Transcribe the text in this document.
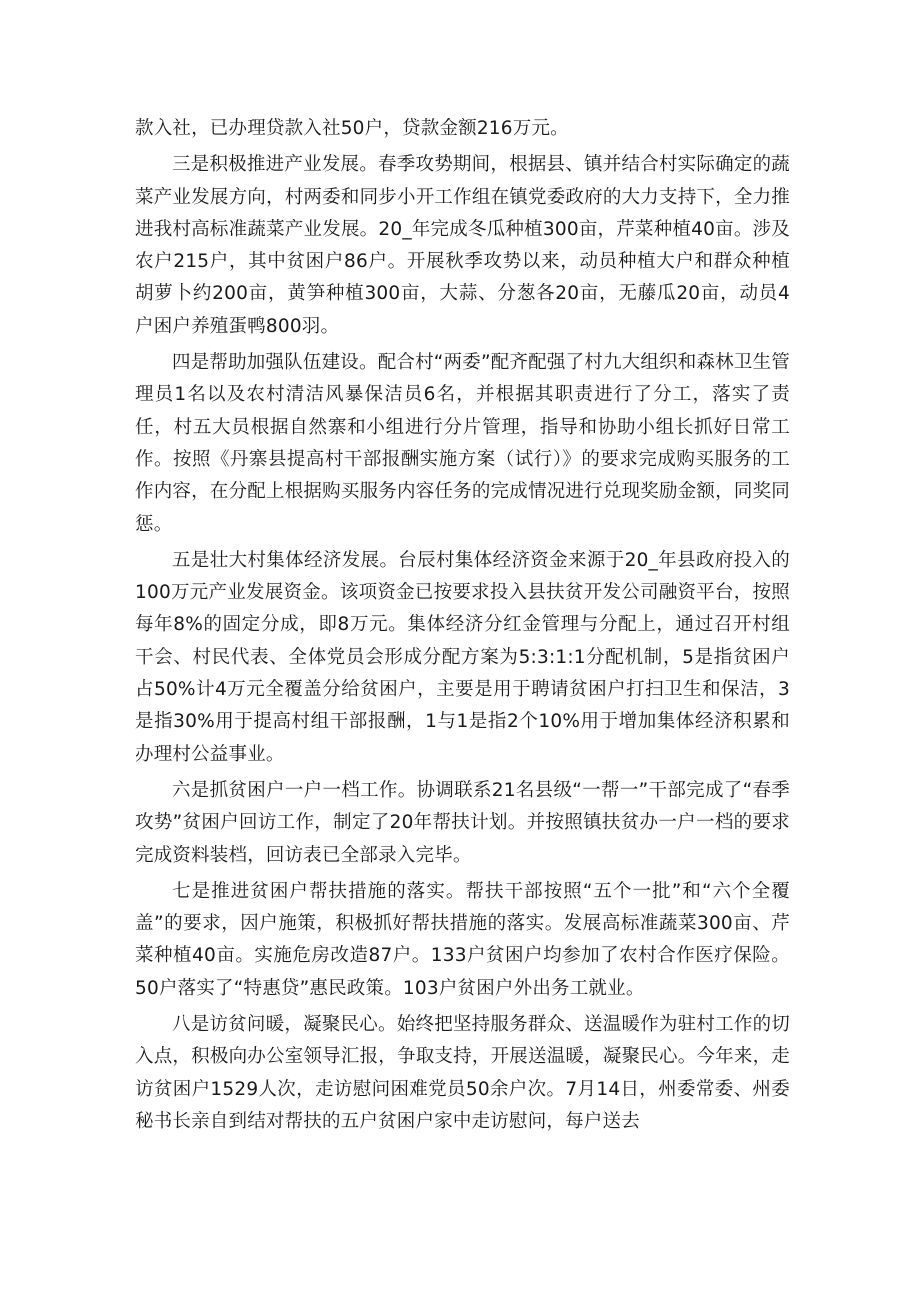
款入社，已办理贷款入社50户，贷款金额216万元。

三是积极推进产业发展。春季攻势期间，根据县、镇并结合村实际确定的蔬菜产业发展方向，村两委和同步小开工作组在镇党委政府的大力支持下，全力推进我村高标准蔬菜产业发展。20_年完成冬瓜种植300亩，芹菜种植40亩。涉及农户215户，其中贫困户86户。开展秋季攻势以来，动员种植大户和群众种植胡萝卜约200亩，黄笋种植300亩，大蒜、分葱各20亩，无藤瓜20亩，动员4户困户养殖蛋鸭800羽。

四是帮助加强队伍建设。配合村“两委”配齐配强了村九大组织和森林卫生管理员1名以及农村清洁风暴保洁员6名，并根据其职责进行了分工，落实了责任，村五大员根据自然寨和小组进行分片管理，指导和协助小组长抓好日常工作。按照《丹寨县提高村干部报酬实施方案（试行）》的要求完成购买服务的工作内容，在分配上根据购买服务内容任务的完成情况进行兑现奖励金额，同奖同惩。

五是壮大村集体经济发展。台辰村集体经济资金来源于20_年县政府投入的100万元产业发展资金。该项资金已按要求投入县扶贫开发公司融资平台，按照每年8%的固定分成，即8万元。集体经济分红金管理与分配上，通过召开村组干会、村民代表、全体党员会形成分配方案为5:3:1:1分配机制，5是指贫困户占50%计4万元全覆盖分给贫困户，主要是用于聘请贫困户打扫卫生和保洁，3是指30%用于提高村组干部报酬，1与1是指2个10%用于增加集体经济积累和办理村公益事业。

六是抓贫困户一户一档工作。协调联系21名县级“一帮一”干部完成了“春季攻势”贫困户回访工作，制定了20年帮扶计划。并按照镇扶贫办一户一档的要求完成资料装档，回访表已全部录入完毕。

七是推进贫困户帮扶措施的落实。帮扶干部按照“五个一批”和“六个全覆盖”的要求，因户施策，积极抓好帮扶措施的落实。发展高标准蔬菜300亩、芹菜种植40亩。实施危房改造87户。133户贫困户均参加了农村合作医疗保险。50户落实了“特惠贷”惠民政策。103户贫困户外出务工就业。

八是访贫问暖，凝聚民心。始终把坚持服务群众、送温暖作为驻村工作的切入点，积极向办公室领导汇报，争取支持，开展送温暖，凝聚民心。今年来，走访贫困户1529人次，走访慰问困难党员50余户次。7月14日，州委常委、州委秘书长亲自到结对帮扶的五户贫困户家中走访慰问，每户送去
